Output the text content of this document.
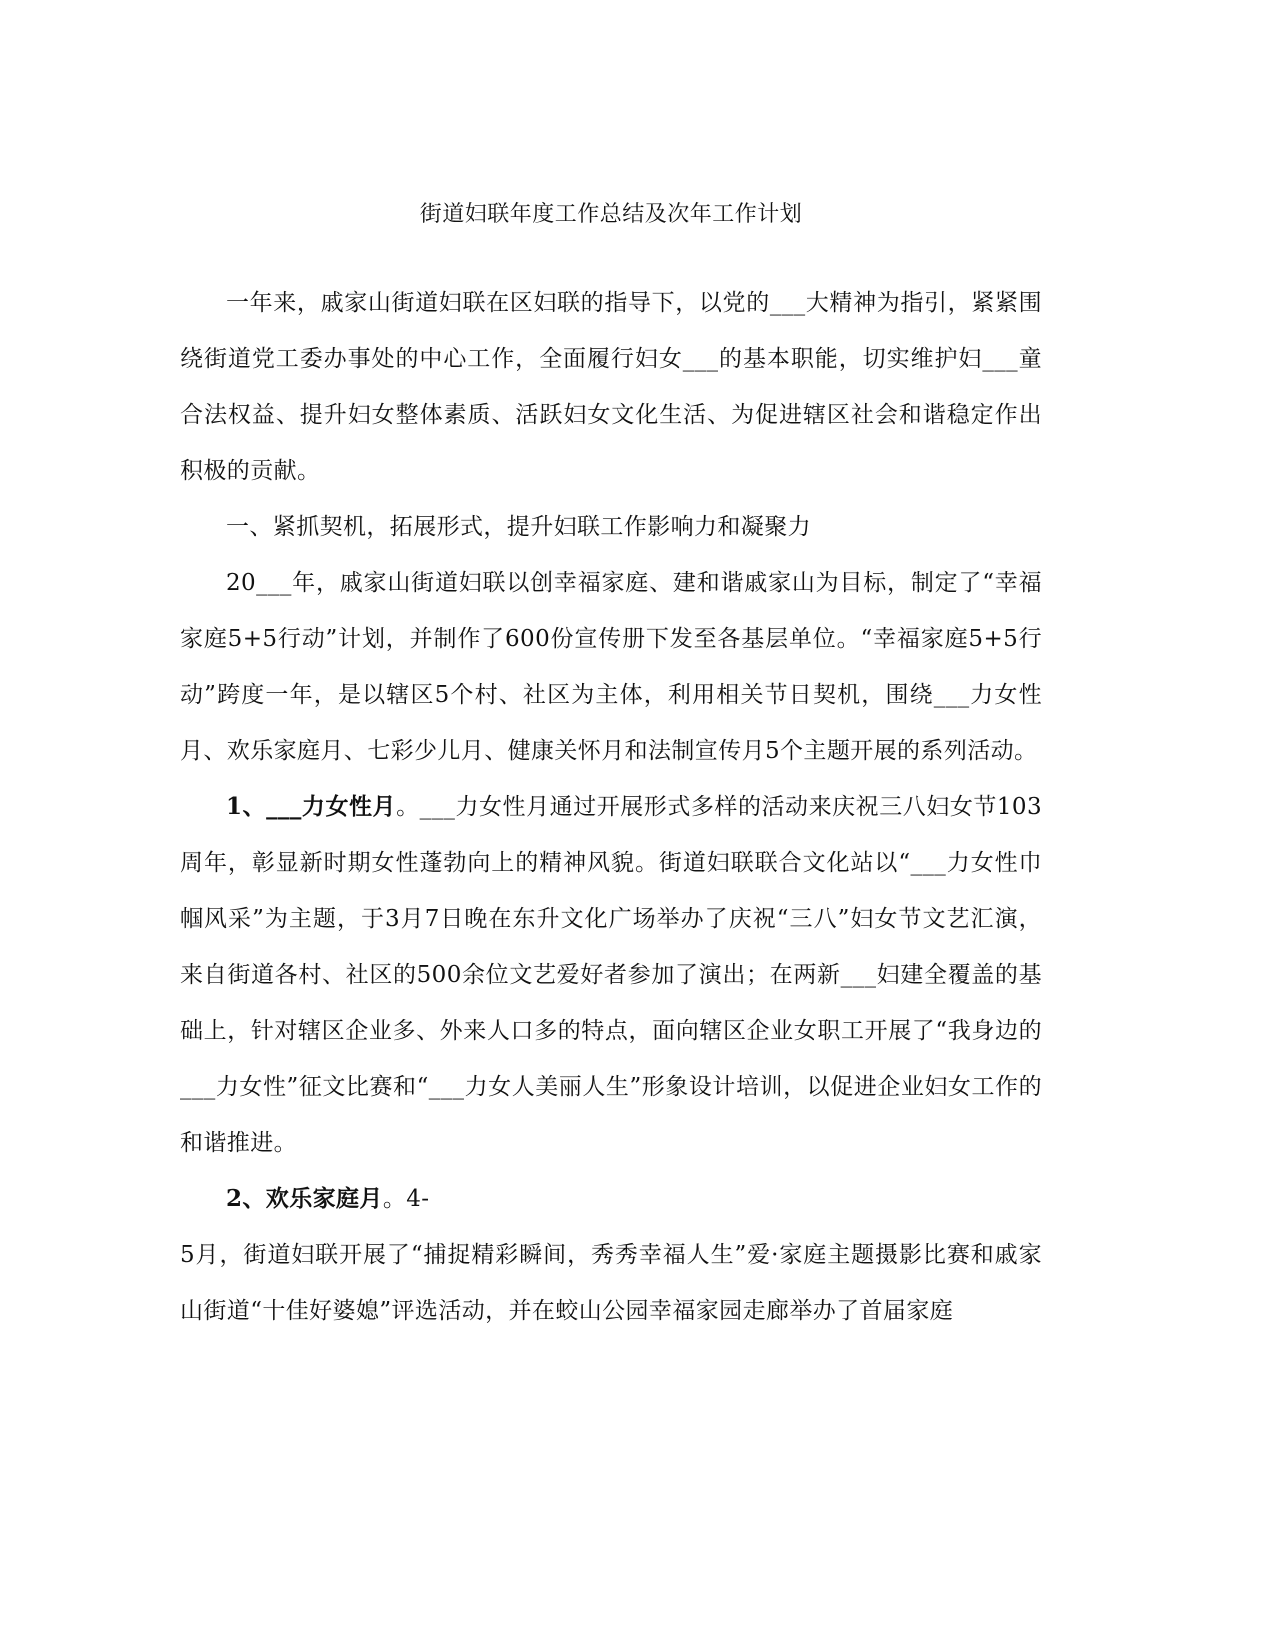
街道妇联年度工作总结及次年工作计划

一年来，戚家山街道妇联在区妇联的指导下，以党的___大精神为指引，紧紧围绕街道党工委办事处的中心工作，全面履行妇女___的基本职能，切实维护妇___童合法权益、提升妇女整体素质、活跃妇女文化生活、为促进辖区社会和谐稳定作出积极的贡献。

一、紧抓契机，拓展形式，提升妇联工作影响力和凝聚力

20___年，戚家山街道妇联以创幸福家庭、建和谐戚家山为目标，制定了“幸福家庭5+5行动”计划，并制作了600份宣传册下发至各基层单位。“幸福家庭5+5行动”跨度一年，是以辖区5个村、社区为主体，利用相关节日契机，围绕___力女性月、欢乐家庭月、七彩少儿月、健康关怀月和法制宣传月5个主题开展的系列活动。

1、___力女性月。___力女性月通过开展形式多样的活动来庆祝三八妇女节103周年，彰显新时期女性蓬勃向上的精神风貌。街道妇联联合文化站以“___力女性巾帼风采”为主题，于3月7日晚在东升文化广场举办了庆祝“三八”妇女节文艺汇演，来自街道各村、社区的500余位文艺爱好者参加了演出；在两新___妇建全覆盖的基础上，针对辖区企业多、外来人口多的特点，面向辖区企业女职工开展了“我身边的___力女性”征文比赛和“___力女人美丽人生”形象设计培训，以促进企业妇女工作的和谐推进。

2、欢乐家庭月。4-

5月，街道妇联开展了“捕捉精彩瞬间，秀秀幸福人生”爱·家庭主题摄影比赛和戚家山街道“十佳好婆媳”评选活动，并在蛟山公园幸福家园走廊举办了首届家庭
